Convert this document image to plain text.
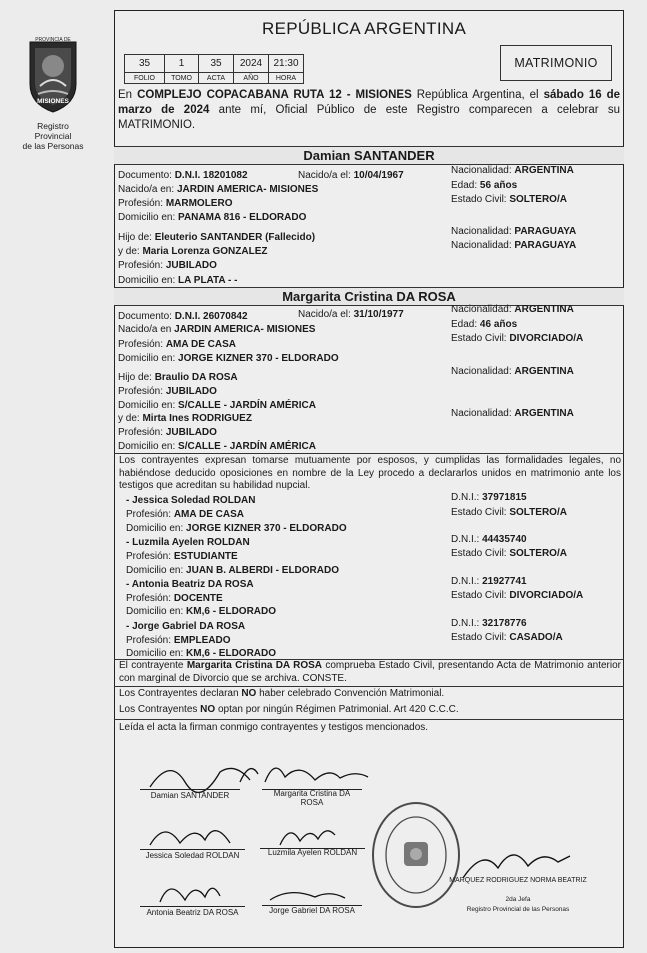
PROVINCIA DE
MISIONES
Registro Provincial
de las Personas
REPÚBLICA ARGENTINA
35	1	35	2024	21:30
FOLIO	TOMO	ACTA	AÑO	HORA
MATRIMONIO
En COMPLEJO COPACABANA RUTA 12 - MISIONES República Argentina, el sábado 16 de marzo de 2024 ante mí, Oficial Público de este Registro comparecen a celebrar su MATRIMONIO.
Damian SANTANDER
Documento: D.N.I. 18201082	Nacido/a el: 10/04/1967	Nacionalidad: ARGENTINA
Edad: 56 años
Estado Civil: SOLTERO/A
Nacido/a en: JARDIN AMERICA- MISIONES
Profesión: MARMOLERO
Domicilio en: PANAMA 816 - ELDORADO
Hijo de: Eleuterio SANTANDER (Fallecido)
Nacionalidad: PARAGUAYA
y de: Maria Lorenza GONZALEZ
Nacionalidad: PARAGUAYA
Profesión: JUBILADO
Domicilio en: LA PLATA - -
Margarita Cristina DA ROSA
Documento: D.N.I. 26070842	Nacido/a el: 31/10/1977	Nacionalidad: ARGENTINA
Edad: 46 años
Estado Civil: DIVORCIADO/A
Nacido/a en JARDIN AMERICA- MISIONES
Profesión: AMA DE CASA
Domicilio en: JORGE KIZNER 370 - ELDORADO
Hijo de: Braulio DA ROSA
Nacionalidad: ARGENTINA
Profesión: JUBILADO
Domicilio en: S/CALLE - JARDÍN AMÉRICA
y de: Mirta Ines RODRIGUEZ	Nacionalidad: ARGENTINA
Profesión: JUBILADO
Domicilio en: S/CALLE - JARDÍN AMÉRICA
Los contrayentes expresan tomarse mutuamente por esposos, y cumplidas las formalidades legales, no habiéndose deducido oposiciones en nombre de la Ley procedo a declararlos unidos en matrimonio ante los testigos que acreditan su habilidad nupcial.
- Jessica Soledad ROLDAN
Profesión: AMA DE CASA
Domicilio en: JORGE KIZNER 370 - ELDORADO
D.N.I.: 37971815
Estado Civil: SOLTERO/A
- Luzmila Ayelen ROLDAN
Profesión: ESTUDIANTE
Domicilio en: JUAN B. ALBERDI - ELDORADO
D.N.I.: 44435740
Estado Civil: SOLTERO/A
- Antonia Beatriz DA ROSA
Profesión: DOCENTE
Domicilio en: KM,6 - ELDORADO
D.N.I.: 21927741
Estado Civil: DIVORCIADO/A
- Jorge Gabriel DA ROSA
Profesión: EMPLEADO
Domicilio en: KM,6 - ELDORADO
D.N.I.: 32178776
Estado Civil: CASADO/A
El contrayente Margarita Cristina DA ROSA comprueba Estado Civil, presentando Acta de Matrimonio anterior con marginal de Divorcio que se archiva. CONSTE.
Los Contrayentes declaran NO haber celebrado Convención Matrimonial.
Los Contrayentes NO optan por ningún Régimen Patrimonial. Art 420 C.C.C.
Leída el acta la firman conmigo contrayentes y testigos mencionados.
Damian SANTANDER	Margarita Cristina DA ROSA
Jessica Soledad ROLDAN	Luzmila Ayelen ROLDAN
Antonia Beatriz DA ROSA	Jorge Gabriel DA ROSA
MARQUEZ RODRIGUEZ NORMA BEATRIZ
2da Jefa
Registro Provincial de las Personas
